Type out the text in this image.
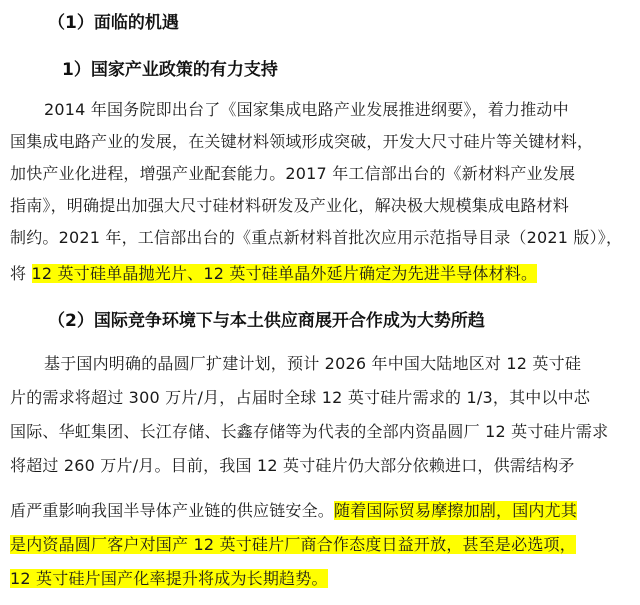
（1）面临的机遇
1）国家产业政策的有力支持
2014 年国务院即出台了《国家集成电路产业发展推进纲要》，着力推动中
国集成电路产业的发展，在关键材料领域形成突破，开发大尺寸硅片等关键材料，
加快产业化进程，增强产业配套能力。2017 年工信部出台的《新材料产业发展
指南》，明确提出加强大尺寸硅材料研发及产业化，解决极大规模集成电路材料
制约。2021 年，工信部出台的《重点新材料首批次应用示范指导目录（2021 版）》，
将 12 英寸硅单晶抛光片、12 英寸硅单晶外延片确定为先进半导体材料。
（2）国际竞争环境下与本土供应商展开合作成为大势所趋
基于国内明确的晶圆厂扩建计划，预计 2026 年中国大陆地区对 12 英寸硅
片的需求将超过 300 万片/月，占届时全球 12 英寸硅片需求的 1/3，其中以中芯
国际、华虹集团、长江存储、长鑫存储等为代表的全部内资晶圆厂 12 英寸硅片需求
将超过 260 万片/月。目前，我国 12 英寸硅片仍大部分依赖进口，供需结构矛
盾严重影响我国半导体产业链的供应链安全。随着国际贸易摩擦加剧，国内尤其
是内资晶圆厂客户对国产 12 英寸硅片厂商合作态度日益开放，甚至是必选项，
12 英寸硅片国产化率提升将成为长期趋势。
